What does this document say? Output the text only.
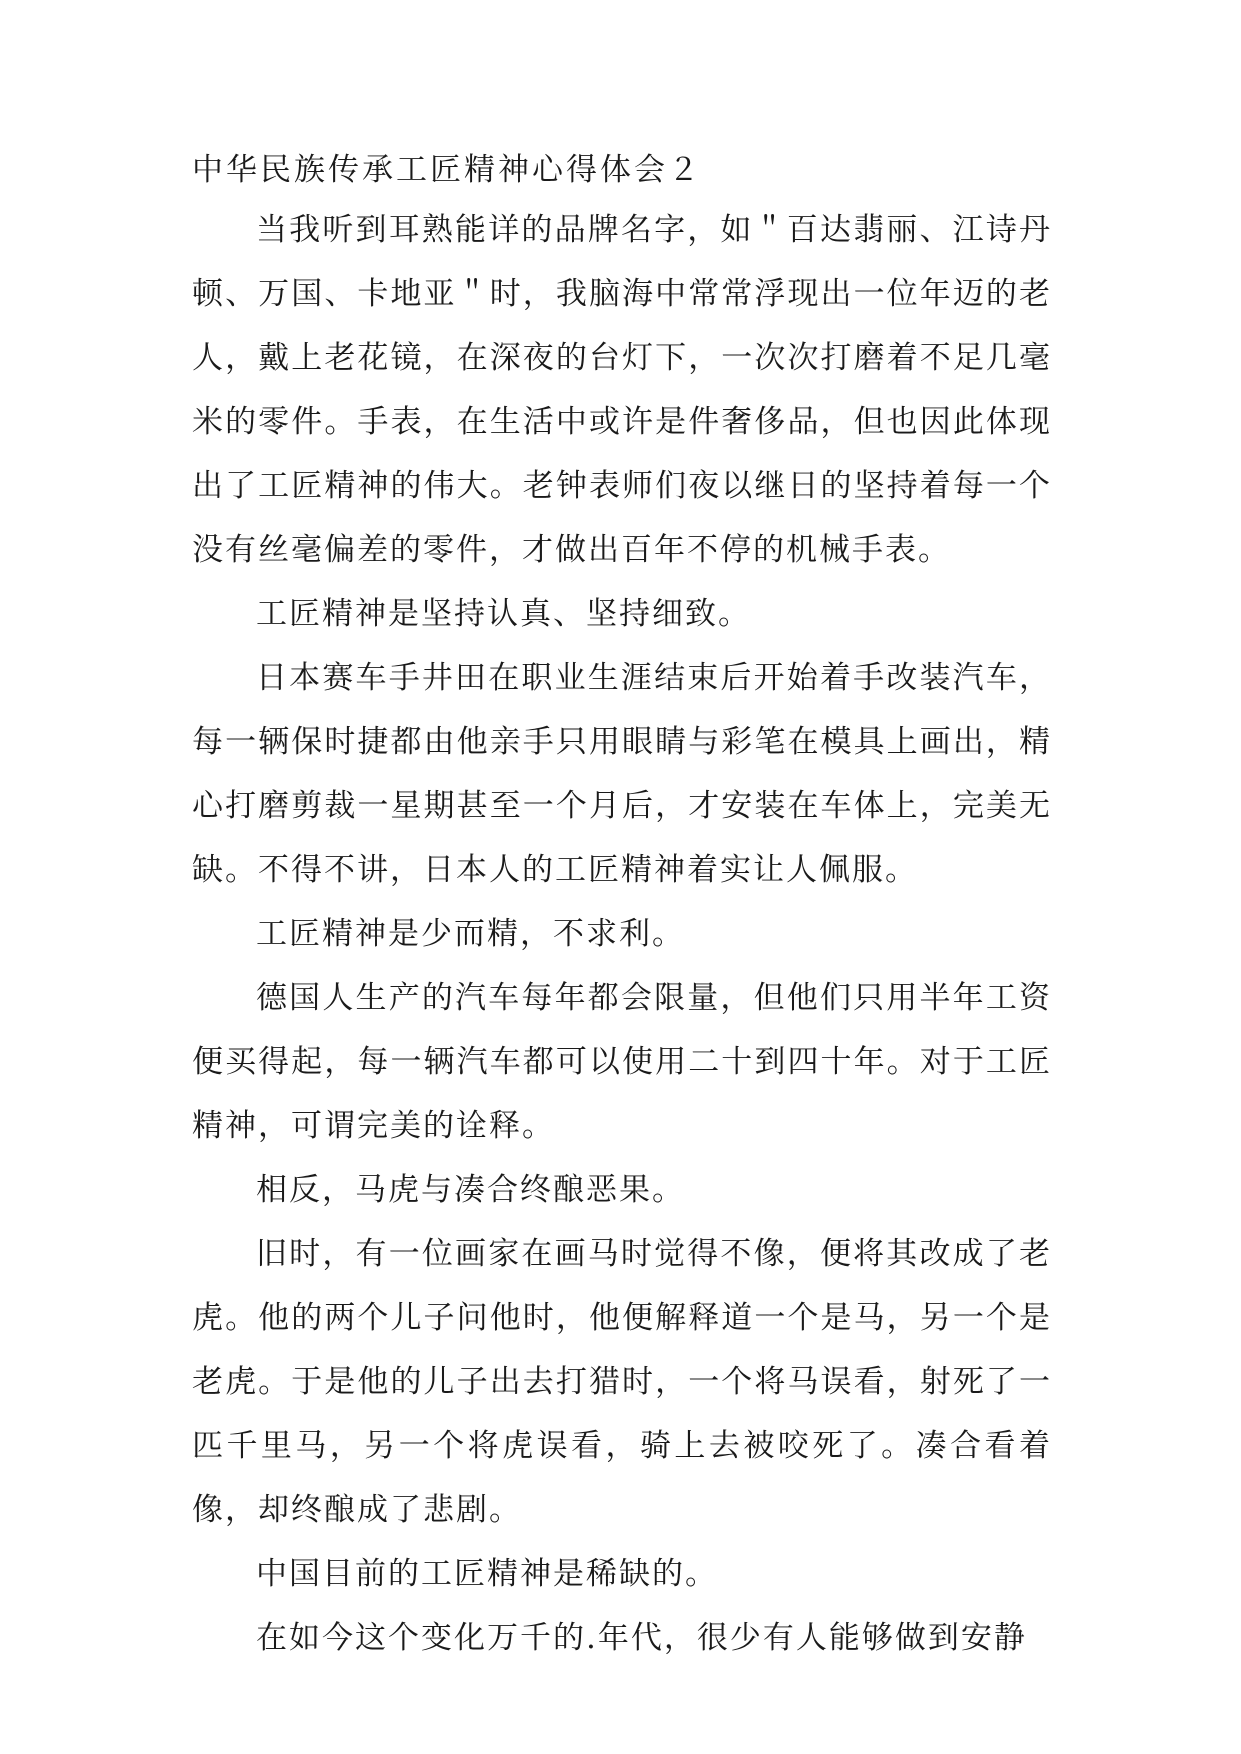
中华民族传承工匠精神心得体会２

当我听到耳熟能详的品牌名字，如＂百达翡丽、江诗丹顿、万国、卡地亚＂时，我脑海中常常浮现出一位年迈的老人，戴上老花镜，在深夜的台灯下，一次次打磨着不足几毫米的零件。手表，在生活中或许是件奢侈品，但也因此体现出了工匠精神的伟大。老钟表师们夜以继日的坚持着每一个没有丝毫偏差的零件，才做出百年不停的机械手表。

工匠精神是坚持认真、坚持细致。

日本赛车手井田在职业生涯结束后开始着手改装汽车，每一辆保时捷都由他亲手只用眼睛与彩笔在模具上画出，精心打磨剪裁一星期甚至一个月后，才安装在车体上，完美无缺。不得不讲，日本人的工匠精神着实让人佩服。

工匠精神是少而精，不求利。

德国人生产的汽车每年都会限量，但他们只用半年工资便买得起，每一辆汽车都可以使用二十到四十年。对于工匠精神，可谓完美的诠释。

相反，马虎与凑合终酿恶果。

旧时，有一位画家在画马时觉得不像，便将其改成了老虎。他的两个儿子问他时，他便解释道一个是马，另一个是老虎。于是他的儿子出去打猎时，一个将马误看，射死了一匹千里马，另一个将虎误看，骑上去被咬死了。凑合看着像，却终酿成了悲剧。

中国目前的工匠精神是稀缺的。

在如今这个变化万千的.年代，很少有人能够做到安静
